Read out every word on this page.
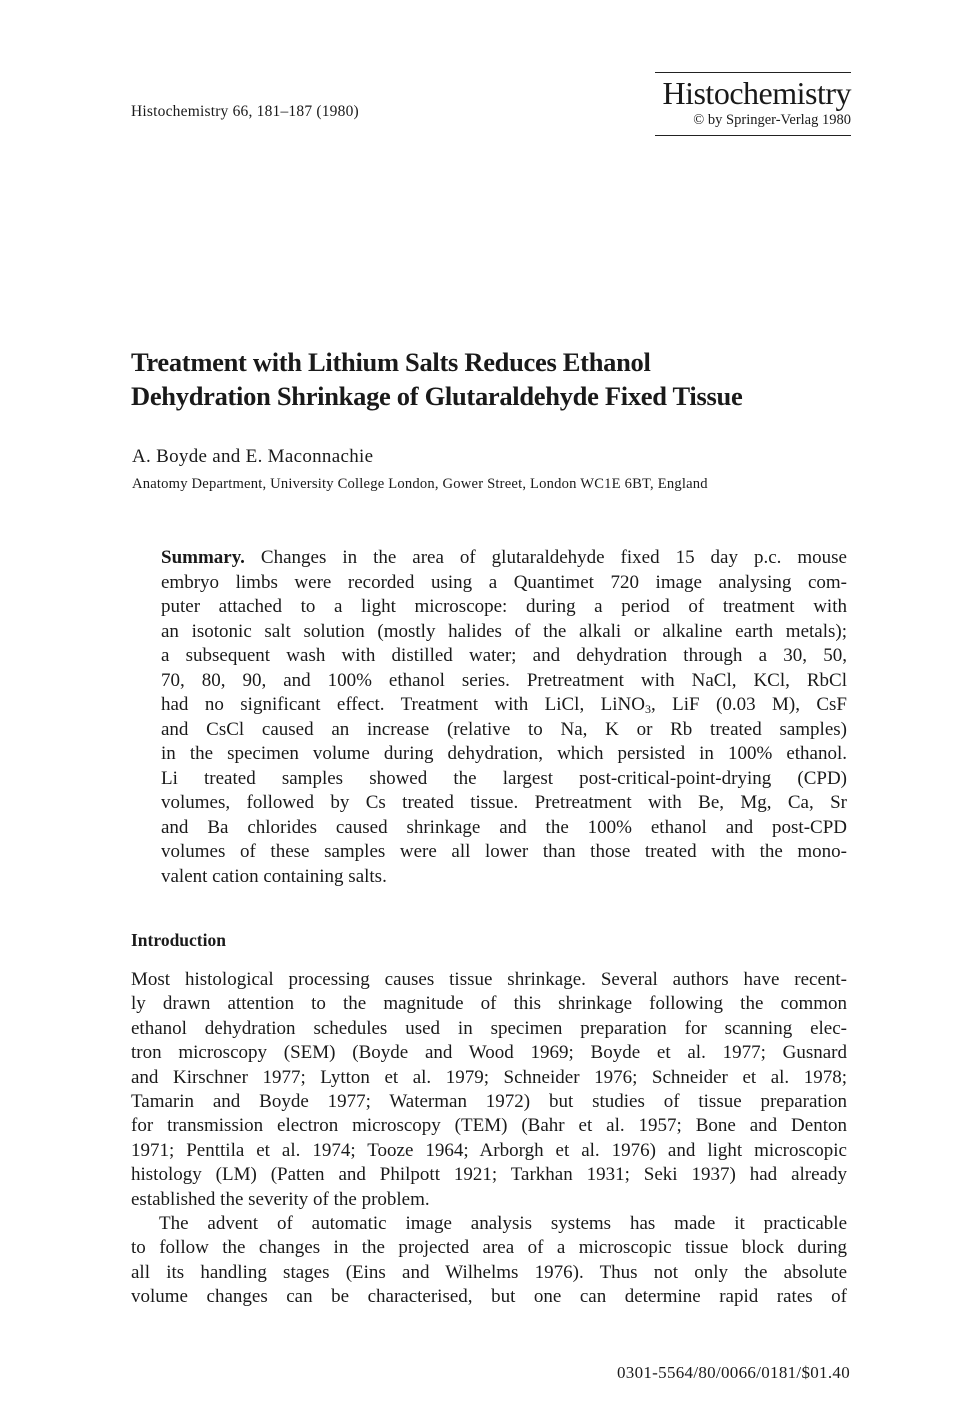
Histochemistry 66, 181–187 (1980)
Histochemistry
© by Springer-Verlag 1980
Treatment with Lithium Salts Reduces Ethanol
Dehydration Shrinkage of Glutaraldehyde Fixed Tissue
A. Boyde and E. Maconnachie
Anatomy Department, University College London, Gower Street, London WC1E 6BT, England
Summary. Changes in the area of glutaraldehyde fixed 15 day p.c. mouse
embryo limbs were recorded using a Quantimet 720 image analysing com-
puter attached to a light microscope: during a period of treatment with
an isotonic salt solution (mostly halides of the alkali or alkaline earth metals);
a subsequent wash with distilled water; and dehydration through a 30, 50,
70, 80, 90, and 100% ethanol series. Pretreatment with NaCl, KCl, RbCl
had no significant effect. Treatment with LiCl, LiNO$_3$, LiF (0.03 M), CsF
and CsCl caused an increase (relative to Na, K or Rb treated samples)
in the specimen volume during dehydration, which persisted in 100% ethanol.
Li treated samples showed the largest post-critical-point-drying (CPD)
volumes, followed by Cs treated tissue. Pretreatment with Be, Mg, Ca, Sr
and Ba chlorides caused shrinkage and the 100% ethanol and post-CPD
volumes of these samples were all lower than those treated with the mono-
valent cation containing salts.
Introduction
Most histological processing causes tissue shrinkage. Several authors have recent-
ly drawn attention to the magnitude of this shrinkage following the common
ethanol dehydration schedules used in specimen preparation for scanning elec-
tron microscopy (SEM) (Boyde and Wood 1969; Boyde et al. 1977; Gusnard
and Kirschner 1977; Lytton et al. 1979; Schneider 1976; Schneider et al. 1978;
Tamarin and Boyde 1977; Waterman 1972) but studies of tissue preparation
for transmission electron microscopy (TEM) (Bahr et al. 1957; Bone and Denton
1971; Penttila et al. 1974; Tooze 1964; Arborgh et al. 1976) and light microscopic
histology (LM) (Patten and Philpott 1921; Tarkhan 1931; Seki 1937) had already
established the severity of the problem.
The advent of automatic image analysis systems has made it practicable
to follow the changes in the projected area of a microscopic tissue block during
all its handling stages (Eins and Wilhelms 1976). Thus not only the absolute
volume changes can be characterised, but one can determine rapid rates of
0301-5564/80/0066/0181/$01.40
